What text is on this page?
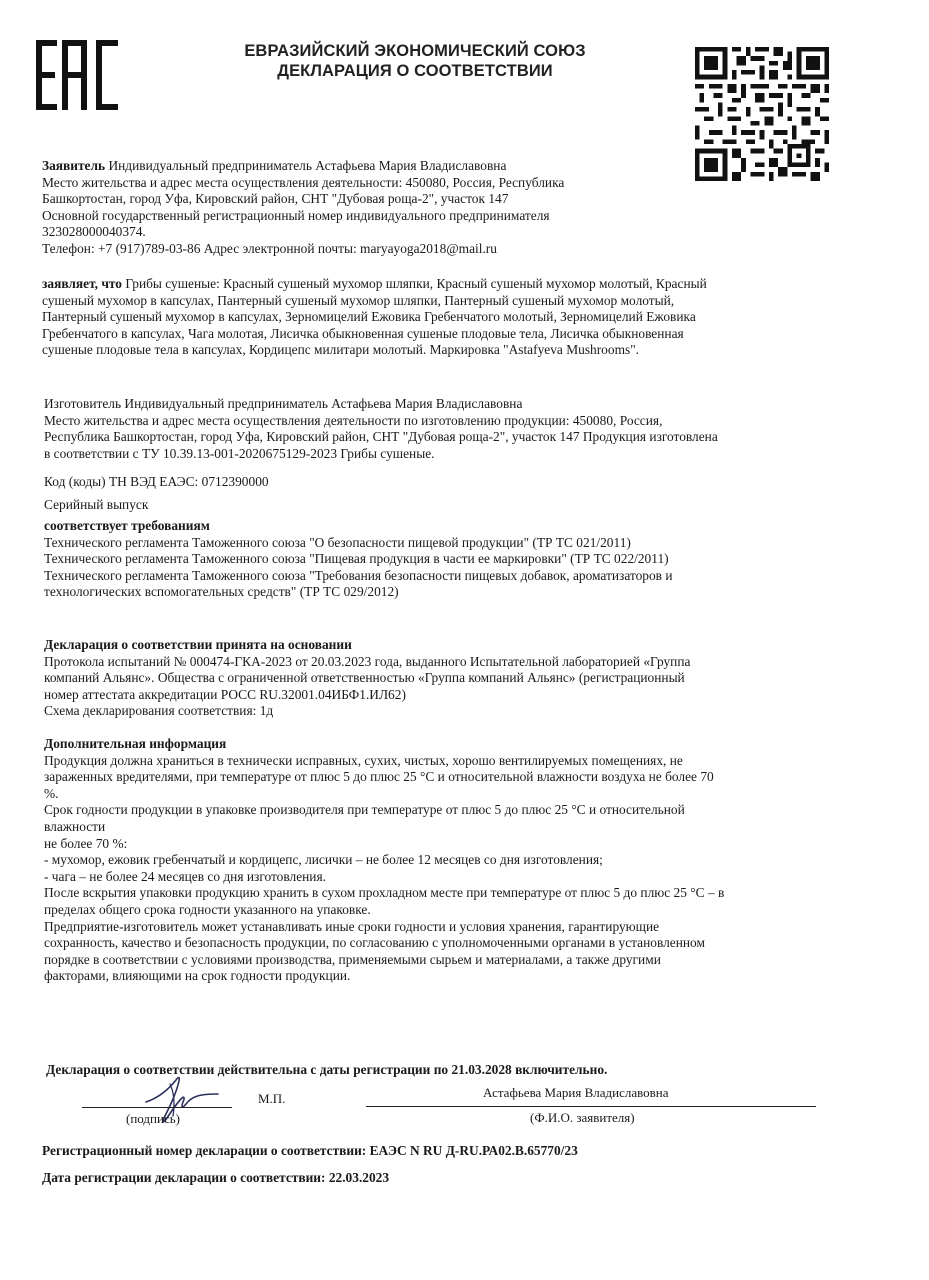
ЕВРАЗИЙСКИЙ ЭКОНОМИЧЕСКИЙ СОЮЗ
ДЕКЛАРАЦИЯ О СООТВЕТСТВИИ

Заявитель Индивидуальный предприниматель Астафьева Мария Владиславовна

Место жительства и адрес места осуществления деятельности: 450080, Россия, Республика

Башкортостан, город Уфа, Кировский район, СНТ "Дубовая роща-2", участок 147

Основной государственный регистрационный номер индивидуального предпринимателя

323028000040374.

Телефон: +7 (917)789-03-86 Адрес электронной почты: maryayoga2018@mail.ru

заявляет, что Грибы сушеные: Красный сушеный мухомор шляпки, Красный сушеный мухомор молотый, Красный

сушеный мухомор в капсулах, Пантерный сушеный мухомор шляпки, Пантерный сушеный мухомор молотый,

Пантерный сушеный мухомор в капсулах, Зерномицелий Ежовика Гребенчатого молотый, Зерномицелий Ежовика

Гребенчатого в капсулах, Чага молотая, Лисичка обыкновенная сушеные плодовые тела, Лисичка обыкновенная

сушеные плодовые тела в капсулах, Кордицепс милитари молотый. Маркировка "Astafyeva Mushrooms".

Изготовитель Индивидуальный предприниматель Астафьева Мария Владиславовна

Место жительства и адрес места осуществления деятельности по изготовлению продукции: 450080, Россия,

Республика Башкортостан, город Уфа, Кировский район, СНТ "Дубовая роща-2", участок 147 Продукция изготовлена

в соответствии с ТУ 10.39.13-001-2020675129-2023 Грибы сушеные.

Код (коды) ТН ВЭД ЕАЭС: 0712390000

Серийный выпуск

соответствует требованиям

Технического регламента Таможенного союза "О безопасности пищевой продукции" (ТР ТС 021/2011)

Технического регламента Таможенного союза "Пищевая продукция в части ее маркировки" (ТР ТС 022/2011)

Технического регламента Таможенного союза "Требования безопасности пищевых добавок, ароматизаторов и

технологических вспомогательных средств" (ТР ТС 029/2012)

Декларация о соответствии принята на основании

Протокола испытаний № 000474-ГКА-2023 от 20.03.2023 года, выданного Испытательной лабораторией «Группа

компаний Альянс». Общества с ограниченной ответственностью «Группа компаний Альянс» (регистрационный

номер аттестата аккредитации РОСС RU.32001.04ИБФ1.ИЛ62)

Схема декларирования соответствия: 1д

Дополнительная информация

Продукция должна храниться в технически исправных, сухих, чистых, хорошо вентилируемых помещениях, не

зараженных вредителями, при температуре от плюс 5 до плюс 25 °С и относительной влажности воздуха не более 70

%.

Срок годности продукции в упаковке производителя при температуре от плюс 5 до плюс 25 °С и относительной

влажности

не более 70 %:

- мухомор, ежовик гребенчатый и кордицепс, лисички – не более 12 месяцев со дня изготовления;

- чага – не более 24 месяцев со дня изготовления.

После вскрытия упаковки продукцию хранить в сухом прохладном месте при температуре от плюс 5 до плюс 25 °С – в

пределах общего срока годности указанного на упаковке.

Предприятие-изготовитель может устанавливать иные сроки годности и условия хранения, гарантирующие

сохранность, качество и безопасность продукции, по согласованию с уполномоченными органами в установленном

порядке в соответствии с условиями производства, применяемыми сырьем и материалами, а также другими

факторами, влияющими на срок годности продукции.

Декларация о соответствии действительна с даты регистрации по 21.03.2028 включительно.

(подпись)
М.П.	Астафьева Мария Владиславовна
(Ф.И.О. заявителя)

Регистрационный номер декларации о соответствии: ЕАЭС N RU Д-RU.РА02.В.65770/23

Дата регистрации декларации о соответствии: 22.03.2023
